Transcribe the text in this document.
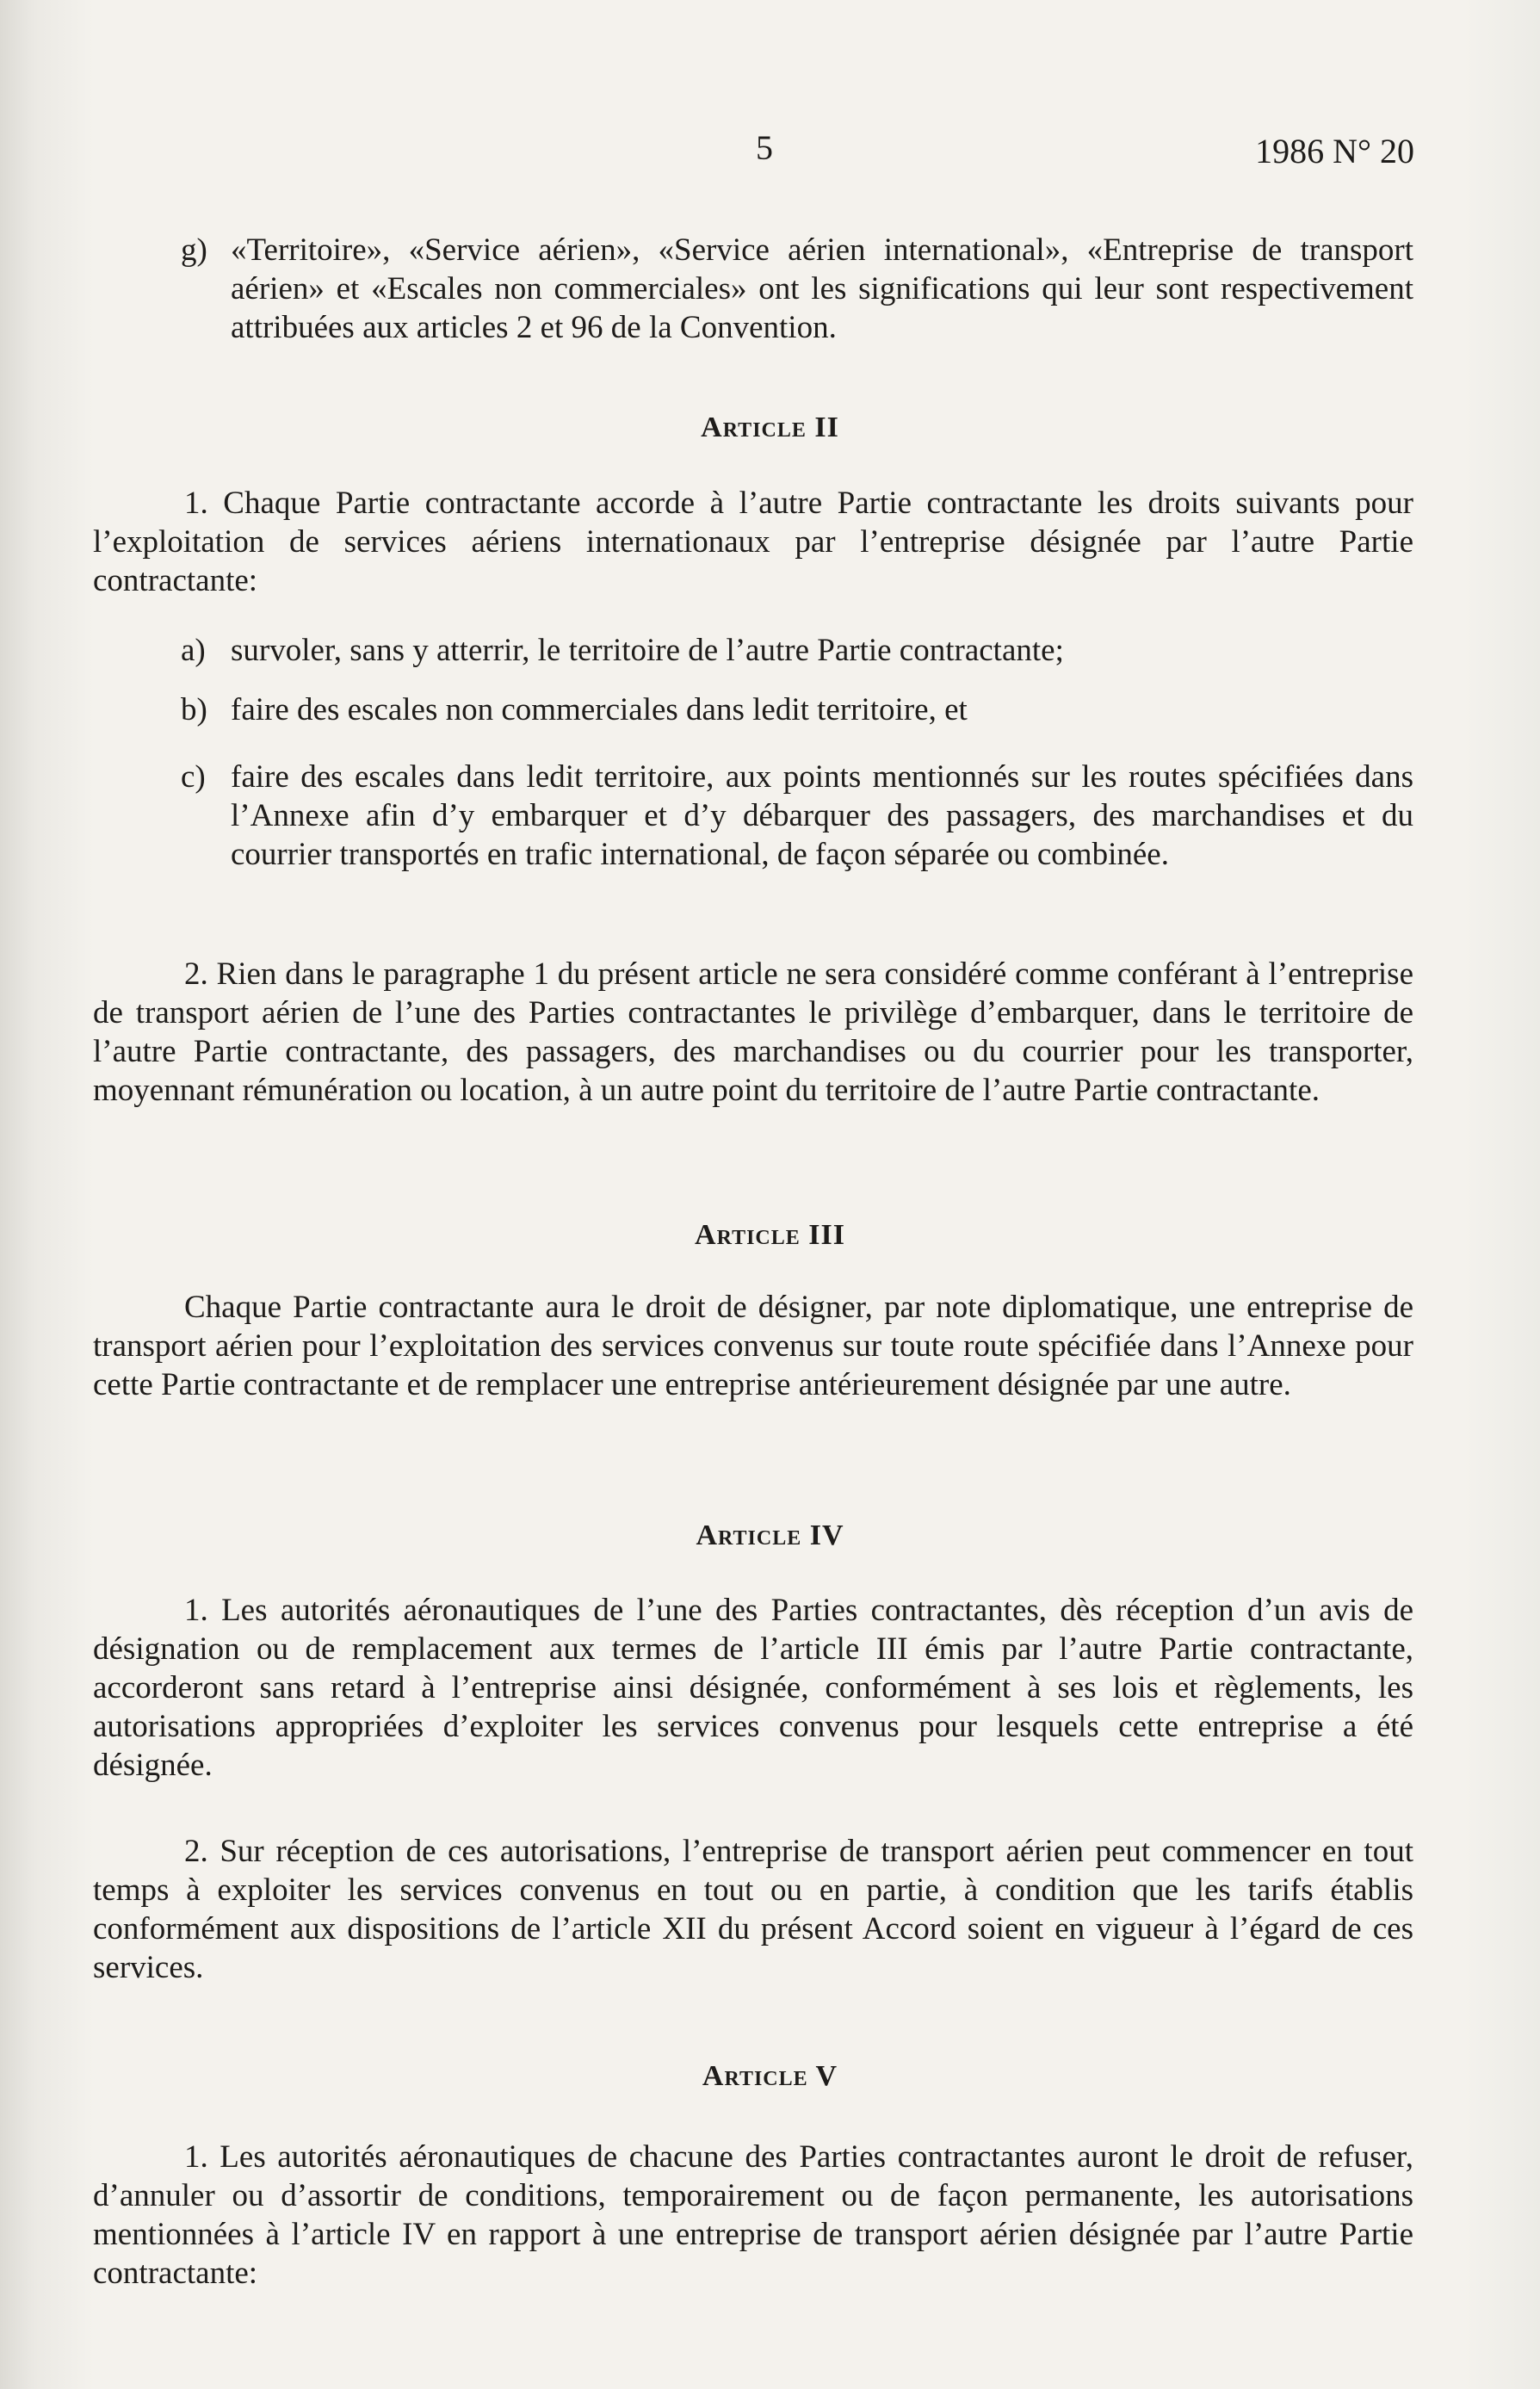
5	1986 N° 20

g) «Territoire», «Service aérien», «Service aérien international», «Entreprise de transport aérien» et «Escales non commerciales» ont les significations qui leur sont respectivement attribuées aux articles 2 et 96 de la Convention.

Article II

1. Chaque Partie contractante accorde à l’autre Partie contractante les droits suivants pour l’exploitation de services aériens internationaux par l’entreprise désignée par l’autre Partie contractante:

a) survoler, sans y atterrir, le territoire de l’autre Partie contractante;

b) faire des escales non commerciales dans ledit territoire, et

c) faire des escales dans ledit territoire, aux points mentionnés sur les routes spécifiées dans l’Annexe afin d’y embarquer et d’y débarquer des passagers, des marchandises et du courrier transportés en trafic international, de façon séparée ou combinée.

2. Rien dans le paragraphe 1 du présent article ne sera considéré comme conférant à l’entreprise de transport aérien de l’une des Parties contractantes le privilège d’embarquer, dans le territoire de l’autre Partie contractante, des passagers, des marchandises ou du courrier pour les transporter, moyennant rémunération ou location, à un autre point du territoire de l’autre Partie contractante.

Article III

Chaque Partie contractante aura le droit de désigner, par note diplomatique, une entreprise de transport aérien pour l’exploitation des services convenus sur toute route spécifiée dans l’Annexe pour cette Partie contractante et de remplacer une entreprise antérieurement désignée par une autre.

Article IV

1. Les autorités aéronautiques de l’une des Parties contractantes, dès réception d’un avis de désignation ou de remplacement aux termes de l’article III émis par l’autre Partie contractante, accorderont sans retard à l’entreprise ainsi désignée, conformément à ses lois et règlements, les autorisations appropriées d’exploiter les services convenus pour lesquels cette entreprise a été désignée.

2. Sur réception de ces autorisations, l’entreprise de transport aérien peut commencer en tout temps à exploiter les services convenus en tout ou en partie, à condition que les tarifs établis conformément aux dispositions de l’article XII du présent Accord soient en vigueur à l’égard de ces services.

Article V

1. Les autorités aéronautiques de chacune des Parties contractantes auront le droit de refuser, d’annuler ou d’assortir de conditions, temporairement ou de façon permanente, les autorisations mentionnées à l’article IV en rapport à une entreprise de transport aérien désignée par l’autre Partie contractante:
